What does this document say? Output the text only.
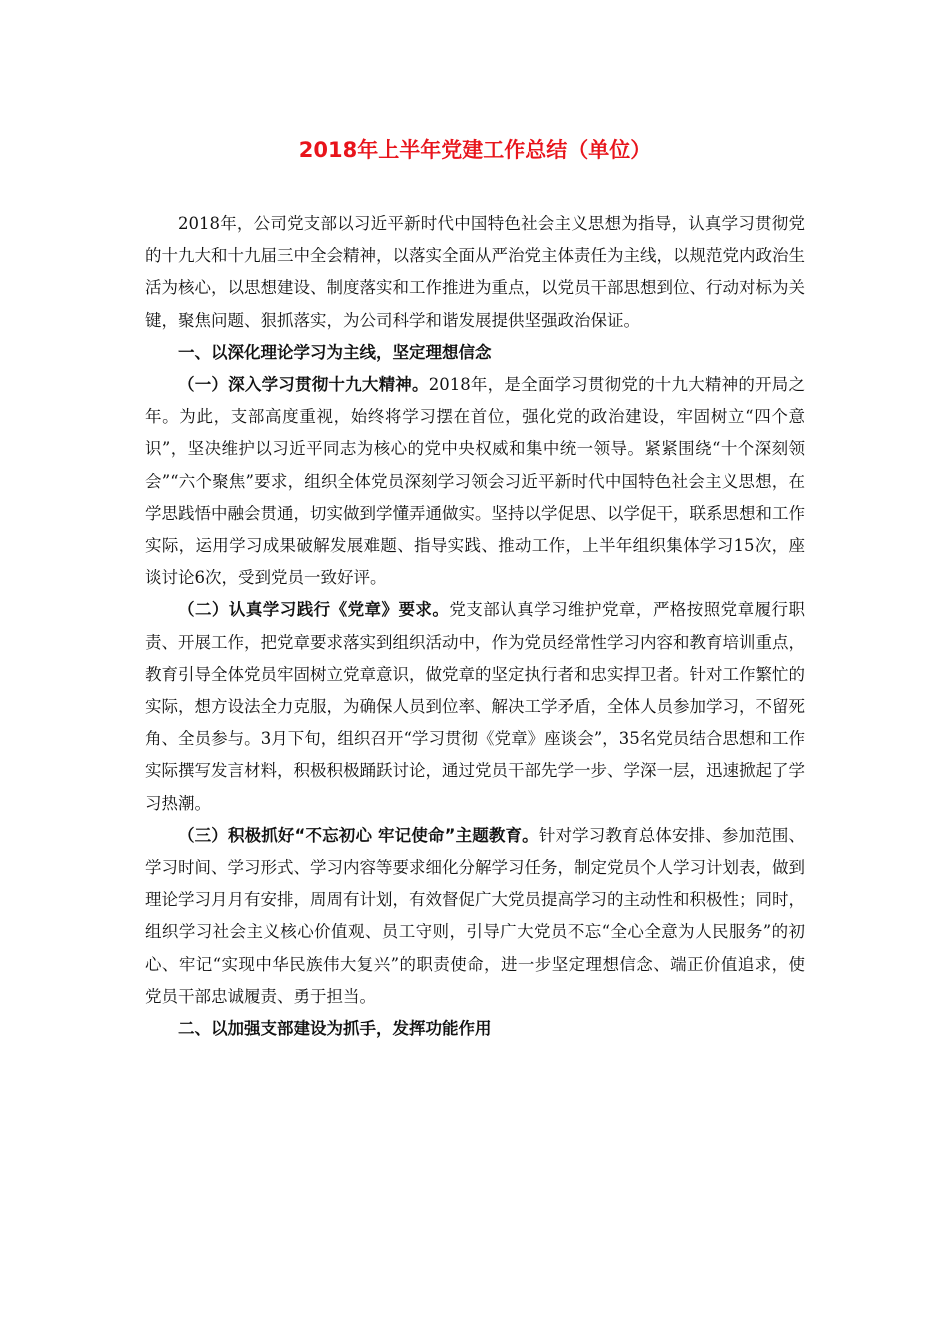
2018年上半年党建工作总结（单位）

2018年，公司党支部以习近平新时代中国特色社会主义思想为指导，认真学习贯彻党的十九大和十九届三中全会精神，以落实全面从严治党主体责任为主线，以规范党内政治生活为核心，以思想建设、制度落实和工作推进为重点，以党员干部思想到位、行动对标为关键，聚焦问题、狠抓落实，为公司科学和谐发展提供坚强政治保证。

一、以深化理论学习为主线，坚定理想信念

（一）深入学习贯彻十九大精神。2018年，是全面学习贯彻党的十九大精神的开局之年。为此，支部高度重视，始终将学习摆在首位，强化党的政治建设，牢固树立“四个意识”，坚决维护以习近平同志为核心的党中央权威和集中统一领导。紧紧围绕“十个深刻领会”“六个聚焦”要求，组织全体党员深刻学习领会习近平新时代中国特色社会主义思想，在学思践悟中融会贯通，切实做到学懂弄通做实。坚持以学促思、以学促干，联系思想和工作实际，运用学习成果破解发展难题、指导实践、推动工作，上半年组织集体学习15次，座谈讨论6次，受到党员一致好评。

（二）认真学习践行《党章》要求。党支部认真学习维护党章，严格按照党章履行职责、开展工作，把党章要求落实到组织活动中，作为党员经常性学习内容和教育培训重点，教育引导全体党员牢固树立党章意识，做党章的坚定执行者和忠实捍卫者。针对工作繁忙的实际，想方设法全力克服，为确保人员到位率、解决工学矛盾，全体人员参加学习，不留死角、全员参与。3月下旬，组织召开“学习贯彻《党章》座谈会”，35名党员结合思想和工作实际撰写发言材料，积极积极踊跃讨论，通过党员干部先学一步、学深一层，迅速掀起了学习热潮。

（三）积极抓好“不忘初心 牢记使命”主题教育。针对学习教育总体安排、参加范围、学习时间、学习形式、学习内容等要求细化分解学习任务，制定党员个人学习计划表，做到理论学习月月有安排，周周有计划，有效督促广大党员提高学习的主动性和积极性；同时，组织学习社会主义核心价值观、员工守则，引导广大党员不忘“全心全意为人民服务”的初心、牢记“实现中华民族伟大复兴”的职责使命，进一步坚定理想信念、端正价值追求，使党员干部忠诚履责、勇于担当。

二、以加强支部建设为抓手，发挥功能作用
